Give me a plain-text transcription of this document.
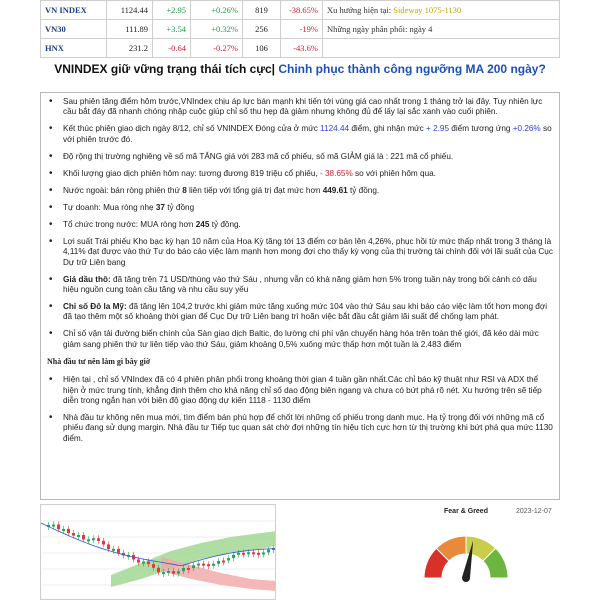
VN INDEX	1124.44	+2.95	+0.26%	819	-38.65%	Xu hướng hiện tại: Sideway 1075-1130
VN30	111.89	+3.54	+0.32%	256	-19%	Những ngày phân phối: ngày 4
HNX	231.2	-0.64	-0.27%	106	-43.6%	
VNINDEX giữ vững trạng thái tích cực| Chinh phục thành công ngưỡng MA 200 ngày?
• Sau phiên tăng điểm hôm trước,VNIndex chịu áp lực bán mạnh khi tiến tới vùng giá cao nhất trong 1 tháng trở lại đây. Tuy nhiên lực cầu bắt đáy đã nhanh chóng nhập cuộc giúp chỉ số thu hẹp đà giảm nhưng không đủ để lấy lại sắc xanh vào cuối phiên.
• Kết thúc phiên giao dịch ngày 8/12, chỉ số VNINDEX Đóng cửa ở mức 1124.44 điểm, ghi nhận mức + 2.95 điểm tương ứng +0.26% so với phiên trước đó.
• Độ rộng thị trường nghiêng về số mã TĂNG giá với 283 mã cổ phiếu, số mã GIẢM giá là : 221 mã cổ phiếu.
• Khối lượng giao dịch phiên hôm nay: tương đương 819 triệu cổ phiếu, - 38.65% so với phiên hôm qua.
• Nước ngoài: bán ròng phiên thứ 8 liên tiếp với tổng giá trị đạt mức hơn 449.61 tỷ đồng.
• Tự doanh: Mua ròng nhẹ 37 tỷ đồng
• Tổ chức trong nước: MUA ròng hơn 245 tỷ đồng.
• Lợi suất Trái phiếu Kho bạc kỳ hạn 10 năm của Hoa Kỳ tăng tới 13 điểm cơ bản lên 4,26%, phục hồi từ mức thấp nhất trong 3 tháng là 4,11% đạt được vào thứ Tư do báo cáo việc làm mạnh hơn mong đợi cho thấy kỳ vọng của thị trường tài chính đối với lãi suất của Cục Dự trữ Liên bang
• Giá dầu thô: đã tăng trên 71 USD/thùng vào thứ Sáu , nhưng vẫn có khả năng giảm hơn 5% trong tuần này trong bối cảnh có dấu hiệu nguồn cung toàn cầu tăng và nhu cầu suy yếu
• Chỉ số Đô la Mỹ: đã tăng lên 104,2 trước khi giảm mức tăng xuống mức 104 vào thứ Sáu sau khi báo cáo việc làm tốt hơn mong đợi đã tạo thêm một số khoảng thời gian để Cục Dự trữ Liên bang trì hoãn việc bắt đầu cắt giảm lãi suất để chống lạm phát.
• Chỉ số vận tải đường biển chính của Sàn giao dịch Baltic, đo lường chi phí vận chuyển hàng hóa trên toàn thế giới, đã kéo dài mức giảm sang phiên thứ tư liên tiếp vào thứ Sáu, giảm khoảng 0,5% xuống mức thấp hơn một tuần là 2.483 điểm
Nhà đầu tư nên làm gì bây giờ
• Hiện tại , chỉ số VNIndex đã có 4 phiên phân phối trong khoảng thời gian 4 tuần gần nhất.Các chỉ báo kỹ thuật như RSI và ADX thể hiện ở mức trung tính, khẳng định thêm cho khả năng chỉ số dao động biên ngang và chưa có bứt phá rõ nét. Xu hướng trên sẽ tiếp diễn trong ngắn hạn với biên độ giao động dự kiến 1118 - 1130 điểm
• Nhà đầu tư không nên mua mới, tìm điểm bán phù hợp để chốt lời những cổ phiếu trong danh mục. Hạ tỷ trọng đối với những mã cổ phiếu đang sử dụng margin. Nhà đầu tư Tiếp tục quan sát chờ đợi những tín hiệu tích cực hơn từ thị trường khi bứt phá qua mức 1130 điểm.
Fear & Greed	2023-12-07
